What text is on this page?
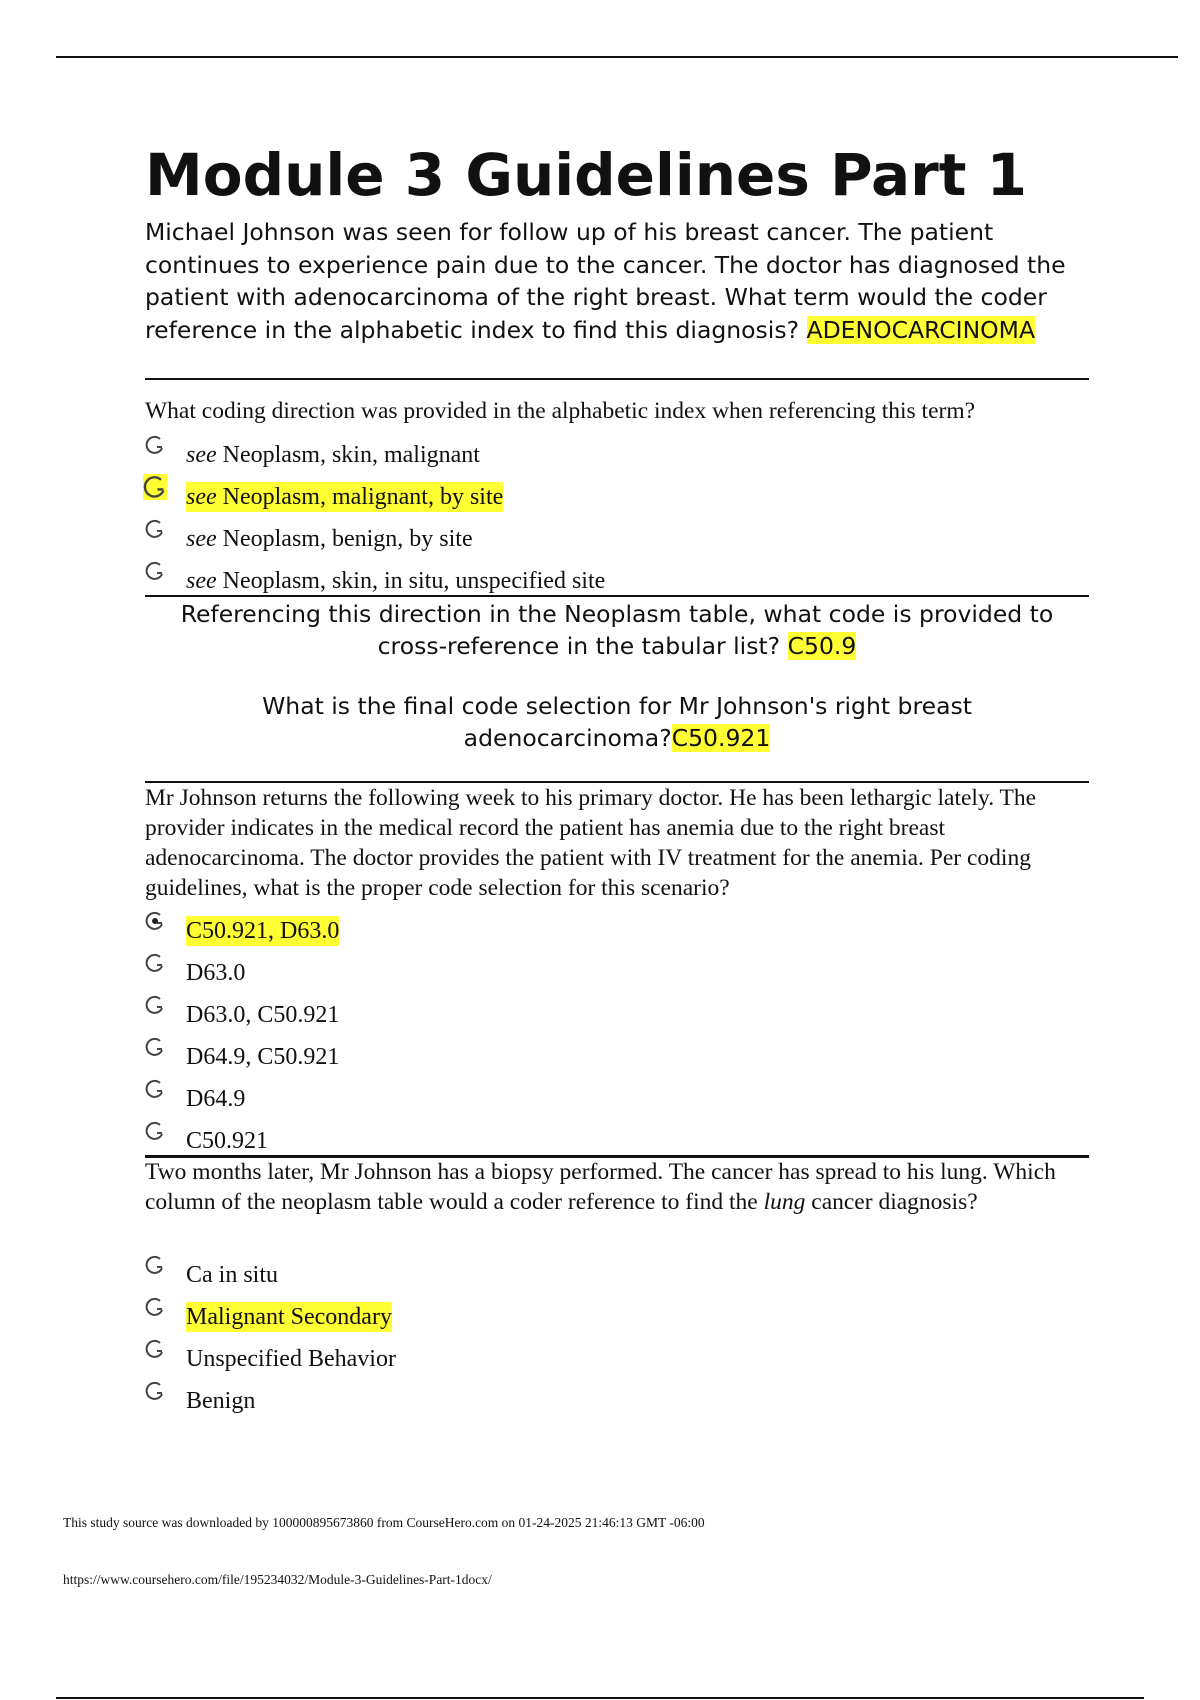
Module 3 Guidelines Part 1

Michael Johnson was seen for follow up of his breast cancer. The patient continues to experience pain due to the cancer. The doctor has diagnosed the patient with adenocarcinoma of the right breast. What term would the coder reference in the alphabetic index to find this diagnosis? ADENOCARCINOMA

What coding direction was provided in the alphabetic index when referencing this term?

see Neoplasm, skin, malignant
see Neoplasm, malignant, by site
see Neoplasm, benign, by site
see Neoplasm, skin, in situ, unspecified site

Referencing this direction in the Neoplasm table, what code is provided to cross-reference in the tabular list? C50.9

What is the final code selection for Mr Johnson's right breast adenocarcinoma?C50.921

Mr Johnson returns the following week to his primary doctor. He has been lethargic lately. The provider indicates in the medical record the patient has anemia due to the right breast adenocarcinoma. The doctor provides the patient with IV treatment for the anemia. Per coding guidelines, what is the proper code selection for this scenario?

C50.921, D63.0
D63.0
D63.0, C50.921
D64.9, C50.921
D64.9
C50.921

Two months later, Mr Johnson has a biopsy performed. The cancer has spread to his lung. Which column of the neoplasm table would a coder reference to find the lung cancer diagnosis?

Ca in situ
Malignant Secondary
Unspecified Behavior
Benign

This study source was downloaded by 100000895673860 from CourseHero.com on 01-24-2025 21:46:13 GMT -06:00

https://www.coursehero.com/file/195234032/Module-3-Guidelines-Part-1docx/
